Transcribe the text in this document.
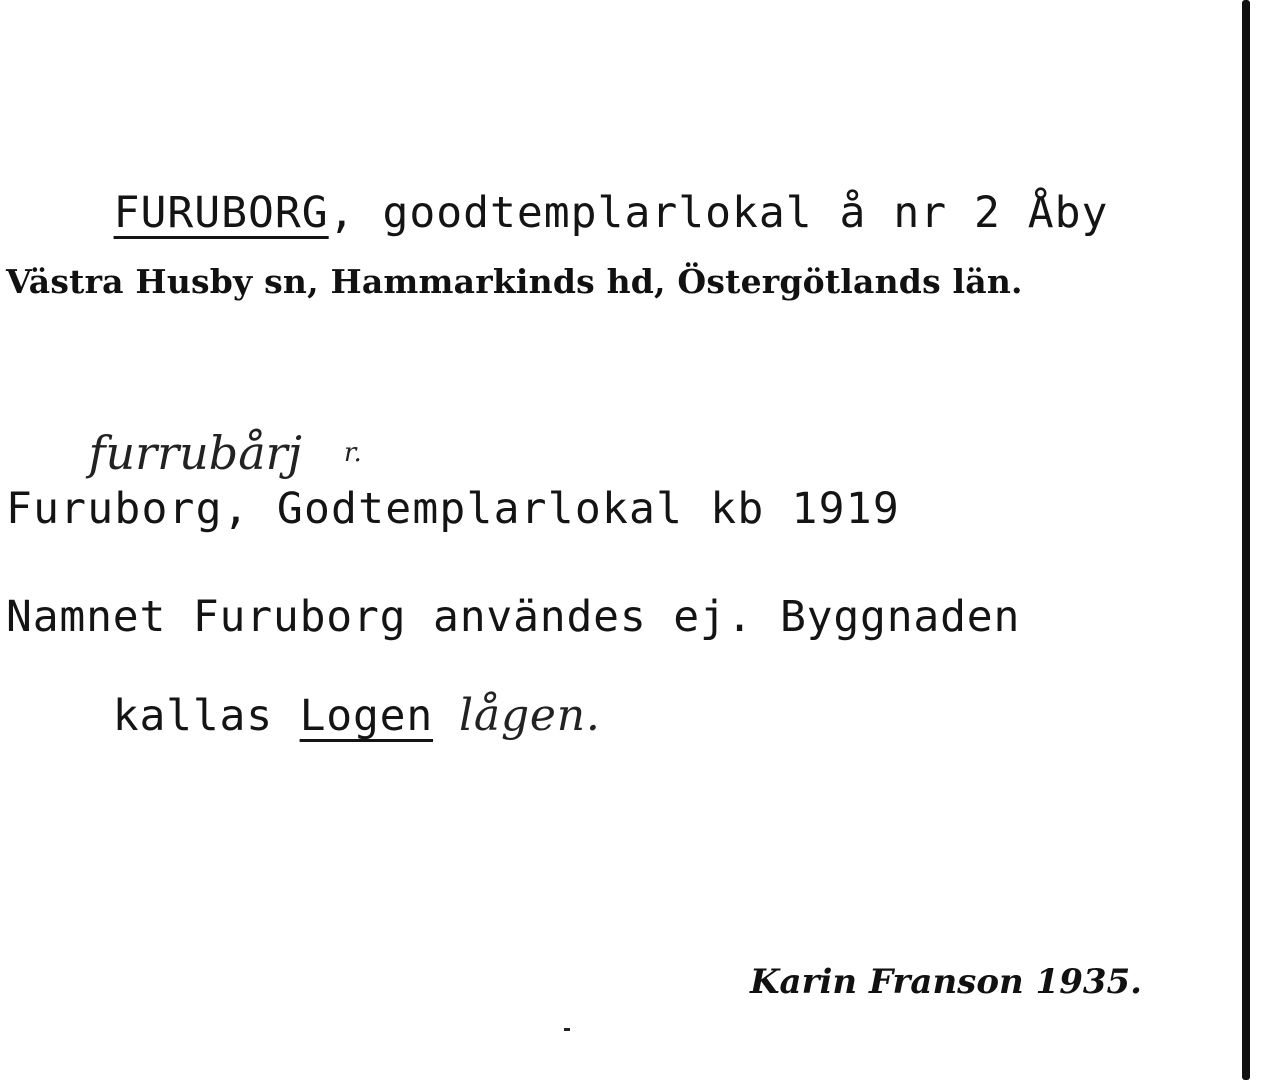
FURUBORG, goodtemplarlokal å nr 2 Åby

Västra Husby sn, Hammarkinds hd, Östergötlands län.

furrubårj r.

Furuborg, Godtemplarlokal kb 1919
Namnet Furuborg användes ej. Byggnaden

kallas Logen lågen.

Karin Franson 1935.
